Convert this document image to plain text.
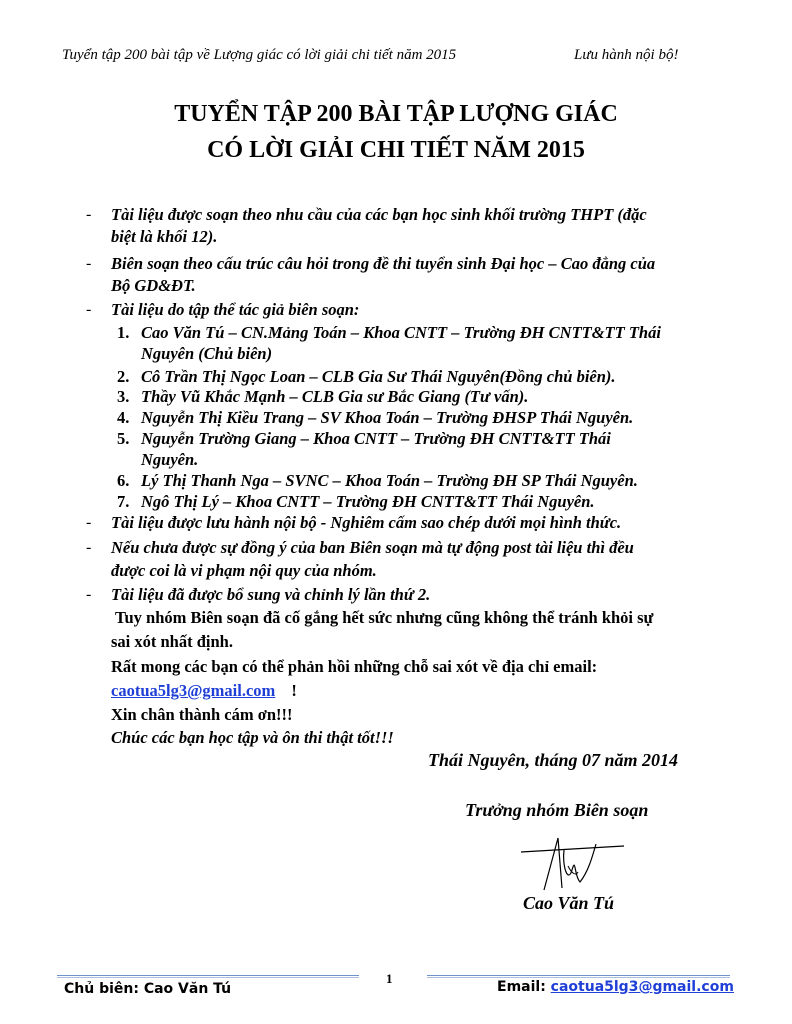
Tuyển tập 200 bài tập về Lượng giác có lời giải chi tiết năm 2015	Lưu hành nội bộ!
TUYỂN TẬP 200 BÀI TẬP LƯỢNG GIÁC
CÓ LỜI GIẢI CHI TIẾT NĂM 2015
- Tài liệu được soạn theo nhu cầu của các bạn học sinh khối trường THPT (đặc
biệt là khối 12).
- Biên soạn theo cấu trúc câu hỏi trong đề thi tuyển sinh Đại học – Cao đẳng của
Bộ GD&ĐT.
- Tài liệu do tập thể tác giả biên soạn:
1. Cao Văn Tú – CN.Mảng Toán – Khoa CNTT – Trường ĐH CNTT&TT Thái
Nguyên (Chủ biên)
2. Cô Trần Thị Ngọc Loan – CLB Gia Sư Thái Nguyên(Đồng chủ biên).
3. Thầy Vũ Khắc Mạnh – CLB Gia sư Bắc Giang (Tư vấn).
4. Nguyễn Thị Kiều Trang – SV Khoa Toán – Trường ĐHSP Thái Nguyên.
5. Nguyễn Trường Giang – Khoa CNTT – Trường ĐH CNTT&TT Thái
Nguyên.
6. Lý Thị Thanh Nga – SVNC – Khoa Toán – Trường ĐH SP Thái Nguyên.
7. Ngô Thị Lý – Khoa CNTT – Trường ĐH CNTT&TT Thái Nguyên.
- Tài liệu được lưu hành nội bộ - Nghiêm cấm sao chép dưới mọi hình thức.
- Nếu chưa được sự đồng ý của ban Biên soạn mà tự động post tài liệu thì đều
được coi là vi phạm nội quy của nhóm.
- Tài liệu đã được bổ sung và chỉnh lý lần thứ 2.
Tuy nhóm Biên soạn đã cố gắng hết sức nhưng cũng không thể tránh khỏi sự
sai xót nhất định.
Rất mong các bạn có thể phản hồi những chỗ sai xót về địa chỉ email:
caotua5lg3@gmail.com !
Xin chân thành cám ơn!!!
Chúc các bạn học tập và ôn thi thật tốt!!!
Thái Nguyên, tháng 07 năm 2014
Trưởng nhóm Biên soạn
Cao Văn Tú
Chủ biên: Cao Văn Tú
1
Email: caotua5lg3@gmail.com
